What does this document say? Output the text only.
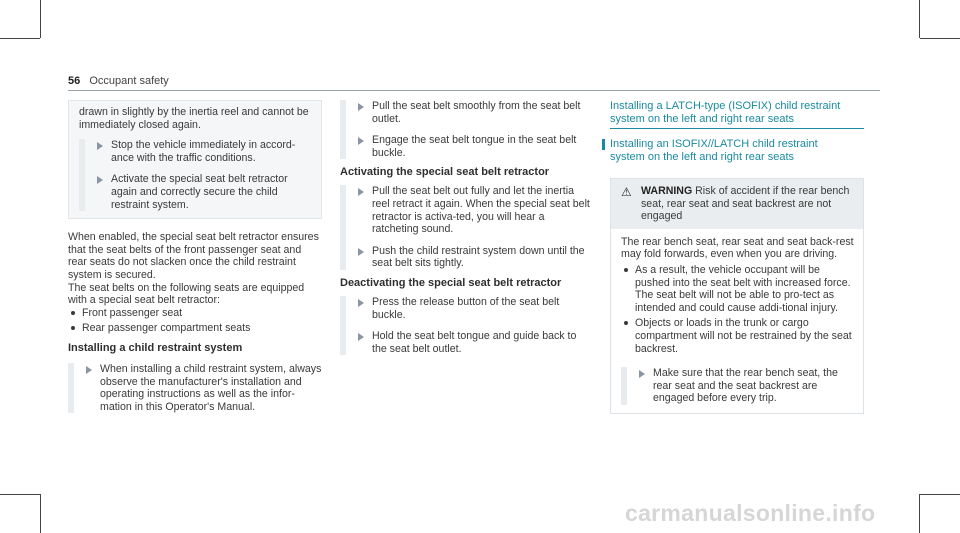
56 Occupant safety

drawn in slightly by the inertia reel and cannot be immediately closed again.

Stop the vehicle immediately in accord-ance with the traffic conditions.

Activate the special seat belt retractor again and correctly secure the child restraint system.

When enabled, the special seat belt retractor ensures that the seat belts of the front passenger seat and rear seats do not slacken once the child restraint system is secured.

The seat belts on the following seats are equipped with a special seat belt retractor:

Front passenger seat

Rear passenger compartment seats

Installing a child restraint system

When installing a child restraint system, always observe the manufacturer's installation and operating instructions as well as the infor-mation in this Operator's Manual.

Pull the seat belt smoothly from the seat belt outlet.

Engage the seat belt tongue in the seat belt buckle.

Activating the special seat belt retractor

Pull the seat belt out fully and let the inertia reel retract it again. When the special seat belt retractor is activa-ted, you will hear a ratcheting sound.

Push the child restraint system down until the seat belt sits tightly.

Deactivating the special seat belt retractor

Press the release button of the seat belt buckle.

Hold the seat belt tongue and guide back to the seat belt outlet.

Installing a LATCH-type (ISOFIX) child restraint
system on the left and right rear seats

Installing an ISOFIX//LATCH child restraint
system on the left and right rear seats

⚠ WARNING Risk of accident if the rear bench seat, rear seat and seat backrest are not engaged

The rear bench seat, rear seat and seat back-rest may fold forwards, even when you are driving.

As a result, the vehicle occupant will be pushed into the seat belt with increased force. The seat belt will not be able to pro-tect as intended and could cause addi-tional injury.

Objects or loads in the trunk or cargo compartment will not be restrained by the seat backrest.

Make sure that the rear bench seat, the rear seat and the seat backrest are engaged before every trip.

carmanualsonline.info
